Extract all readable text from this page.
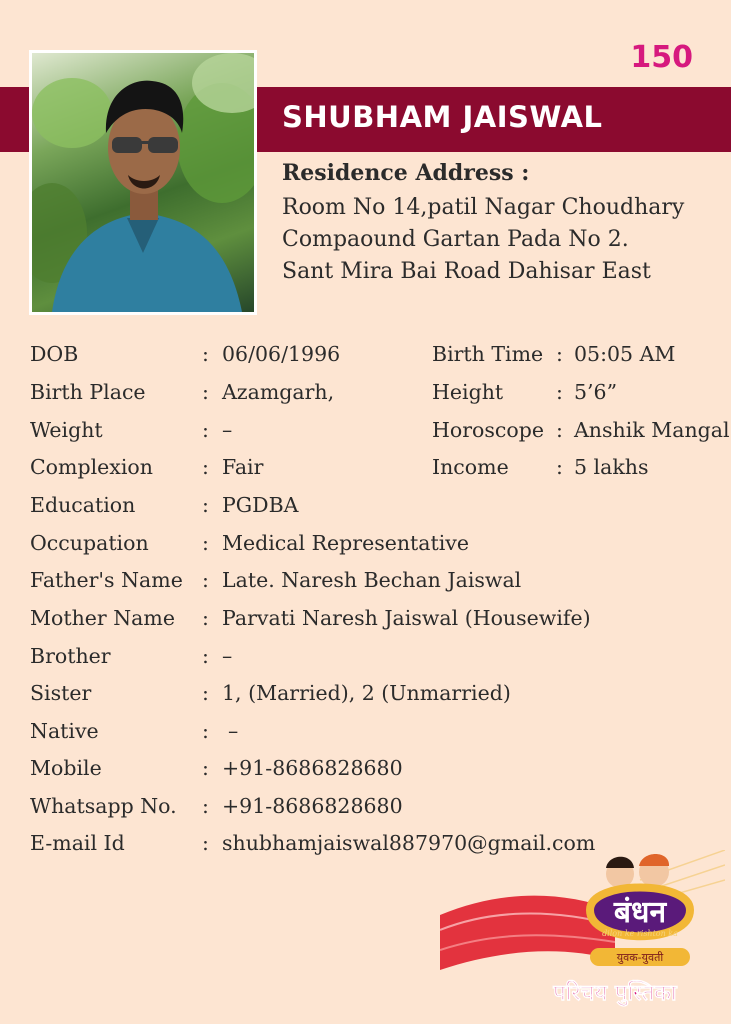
150
SHUBHAM JAISWAL
Residence Address :
Room No 14,patil Nagar Choudhary
Compaound Gartan Pada No 2.
Sant Mira Bai Road Dahisar East
DOB	: 06/06/1996	Birth Time : 05:05 AM
Birth Place	: Azamgarh,	Height	: 5’6”
Weight	: –	Horoscope : Anshik Mangal
Complexion : Fair	Income : 5 lakhs
Education	: PGDBA
Occupation	: Medical Representative
Father's Name : Late. Naresh Bechan Jaiswal
Mother Name : Parvati Naresh Jaiswal (Housewife)
Brother	: –
Sister	: 1, (Married), 2 (Unmarried)
Native	: –
Mobile	: +91-8686828680
Whatsapp No. : +91-8686828680
E-mail Id	: shubhamjaiswal887970@gmail.com
बंधन
dilon ke rishton ka
युवक-युवती
परिचय पुस्तिका
